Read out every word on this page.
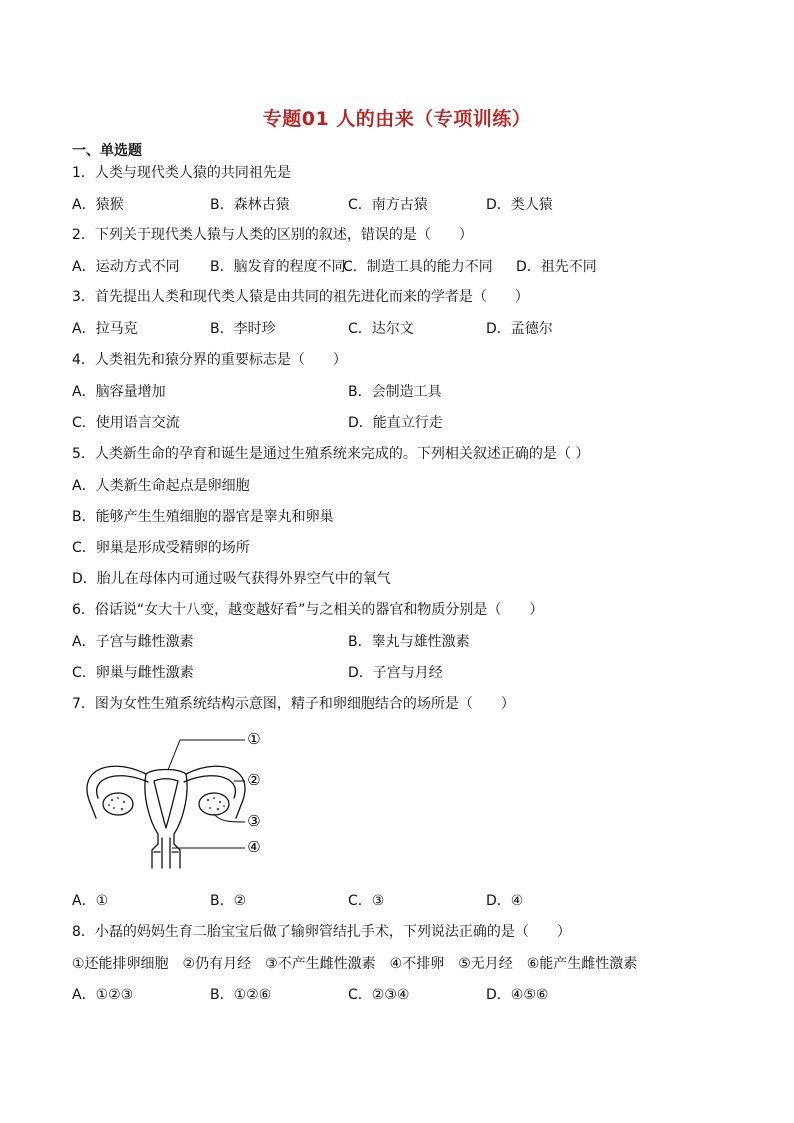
专题01 人的由来（专项训练）
一、单选题
1．人类与现代类人猿的共同祖先是
A．猿猴	B．森林古猿	C．南方古猿	D．类人猿
2．下列关于现代类人猿与人类的区别的叙述，错误的是（　　）
A．运动方式不同 B．脑发育的程度不同
C．制造工具的能力不同 D．祖先不同
3．首先提出人类和现代类人猿是由共同的祖先进化而来的学者是（　　）
A．拉马克	B．李时珍	C．达尔文	D．孟德尔
4．人类祖先和猿分界的重要标志是（　　）
A．脑容量增加	B．会制造工具
C．使用语言交流	D．能直立行走
5．人类新生命的孕育和诞生是通过生殖系统来完成的。下列相关叙述正确的是（ ）
A．人类新生命起点是卵细胞
B．能够产生生殖细胞的器官是睾丸和卵巢
C．卵巢是形成受精卵的场所
D．胎儿在母体内可通过吸气获得外界空气中的氧气
6．俗话说“女大十八变，越变越好看”与之相关的器官和物质分别是（　　）
A．子宫与雌性激素	B．睾丸与雄性激素
C．卵巢与雌性激素	D．子宫与月经
7．图为女性生殖系统结构示意图，精子和卵细胞结合的场所是（　　）
①
②
③
④
A．①	B．②	C．③	D．④
8．小磊的妈妈生育二胎宝宝后做了输卵管结扎手术，下列说法正确的是（　　）
①还能排卵细胞　②仍有月经　③不产生雌性激素　④不排卵　⑤无月经　⑥能产生雌性激素
A．①②③	B．①②⑥	C．②③④	D．④⑤⑥
